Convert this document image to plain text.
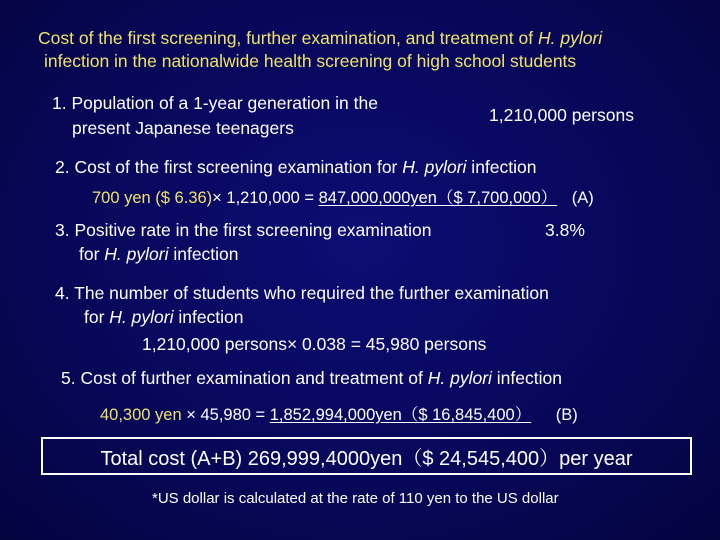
Cost of the first screening, further examination, and treatment of H. pylori
infection in the nationalwide health screening of high school students
1. Population of a 1-year generation in the
present Japanese teenagers
1,210,000 persons
2. Cost of the first screening examination for H. pylori infection
700 yen ($ 6.36)× 1,210,000 = 847,000,000yen（$ 7,700,000） (A)
3. Positive rate in the first screening examination	3.8%
for H. pylori infection
4. The number of students who required the further examination
for H. pylori infection
1,210,000 persons× 0.038 = 45,980 persons
5. Cost of further examination and treatment of H. pylori infection
40,300 yen × 45,980 = 1,852,994,000yen（$ 16,845,400） (B)
Total cost (A+B) 269,999,4000yen（$ 24,545,400）per year
*US dollar is calculated at the rate of 110 yen to the US dollar
